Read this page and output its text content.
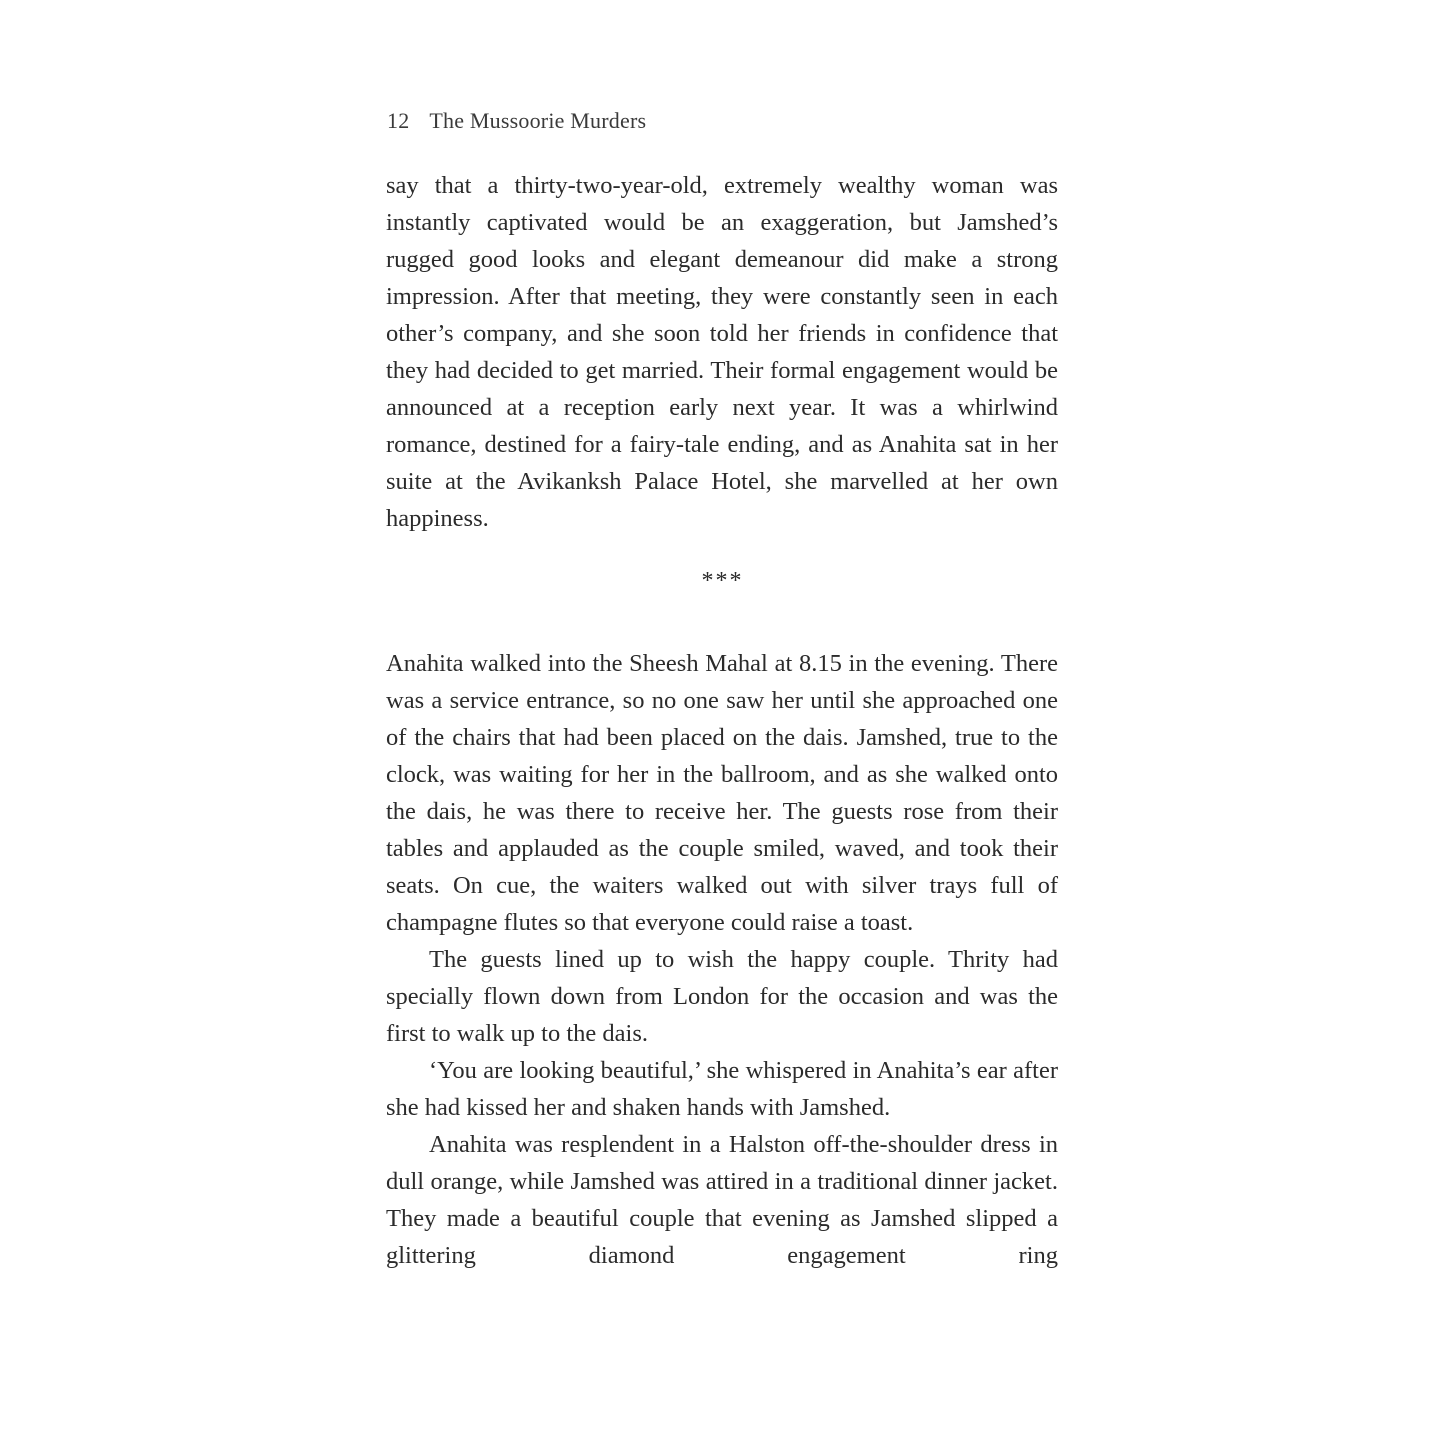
12 The Mussoorie Murders

say that a thirty-two-year-old, extremely wealthy woman was instantly captivated would be an exaggeration, but Jamshed’s rugged good looks and elegant demeanour did make a strong impression. After that meeting, they were constantly seen in each other’s company, and she soon told her friends in confidence that they had decided to get married. Their formal engagement would be announced at a reception early next year. It was a whirlwind romance, destined for a fairy-tale ending, and as Anahita sat in her suite at the Avikanksh Palace Hotel, she marvelled at her own happiness.

***

Anahita walked into the Sheesh Mahal at 8.15 in the evening. There was a service entrance, so no one saw her until she approached one of the chairs that had been placed on the dais. Jamshed, true to the clock, was waiting for her in the ballroom, and as she walked onto the dais, he was there to receive her. The guests rose from their tables and applauded as the couple smiled, waved, and took their seats. On cue, the waiters walked out with silver trays full of champagne flutes so that everyone could raise a toast.

The guests lined up to wish the happy couple. Thrity had specially flown down from London for the occasion and was the first to walk up to the dais.

‘You are looking beautiful,’ she whispered in Anahita’s ear after she had kissed her and shaken hands with Jamshed.

Anahita was resplendent in a Halston off-the-shoulder dress in dull orange, while Jamshed was attired in a traditional dinner jacket. They made a beautiful couple that evening as Jamshed slipped a glittering diamond engagement ring
